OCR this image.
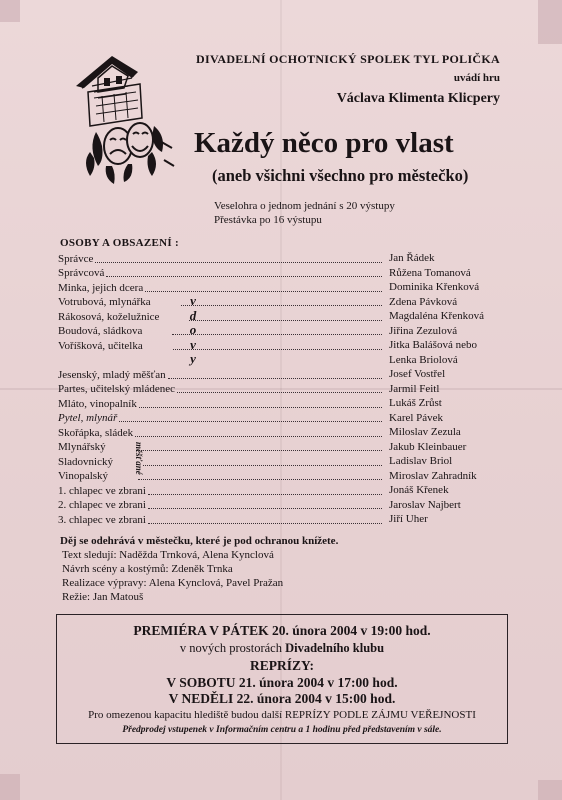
DIVADELNÍ OCHOTNICKÝ SPOLEK TYL POLIČKA
uvádí hru
Václava Klimenta Klicpery
Každý něco pro vlast
(aneb všichni všechno pro městečko)
Veselohra o jednom jednání s 20 výstupy
Přestávka po 16 výstupu
OSOBY A OBSAZENÍ :
Správce	Jan Řádek
Správcová	Růžena Tomanová
Minka, jejich dcera	Dominika Křenková
Votrubová, mlynářka	Zdena Pávková
Rákosová, koželužnice	Magdaléna Křenková
Boudová, sládkova	Jiřina Zezulová
Voříšková, učitelka	Jitka Balášová nebo
Lenka Briolová
Jesenský, mladý měšťan	Josef Vostřel
Partes, učitelský mládenec	Jarmil Feitl
Mláto, vinopalník	Lukáš Zrůst
Pytel, mlynář	Karel Pávek
Skořápka, sládek	Miloslav Zezula
Mlynářský	Jakub Kleinbauer
Sladovnický	Ladislav Briol
Vinopalský	Miroslav Zahradník
1. chlapec ve zbrani	Jonáš Křenek
2. chlapec ve zbrani	Jaroslav Najbert
3. chlapec ve zbrani	Jiří Uher
v
d
o
v
y
měšťané
Děj se odehrává v městečku, které je pod ochranou knížete.
Text sledují: Naděžda Trnková, Alena Kynclová
Návrh scény a kostýmů: Zdeněk Trnka
Realizace výpravy: Alena Kynclová, Pavel Pražan
Režie: Jan Matouš
PREMIÉRA V PÁTEK 20. února 2004 v 19:00 hod.
v nových prostorách Divadelního klubu
REPRÍZY:
V SOBOTU 21. února 2004 v 17:00 hod.
V NEDĚLI 22. února 2004 v 15:00 hod.
Pro omezenou kapacitu hlediště budou další REPRÍZY PODLE ZÁJMU VEŘEJNOSTI
Předprodej vstupenek v Informačním centru a 1 hodinu před představením v sále.
